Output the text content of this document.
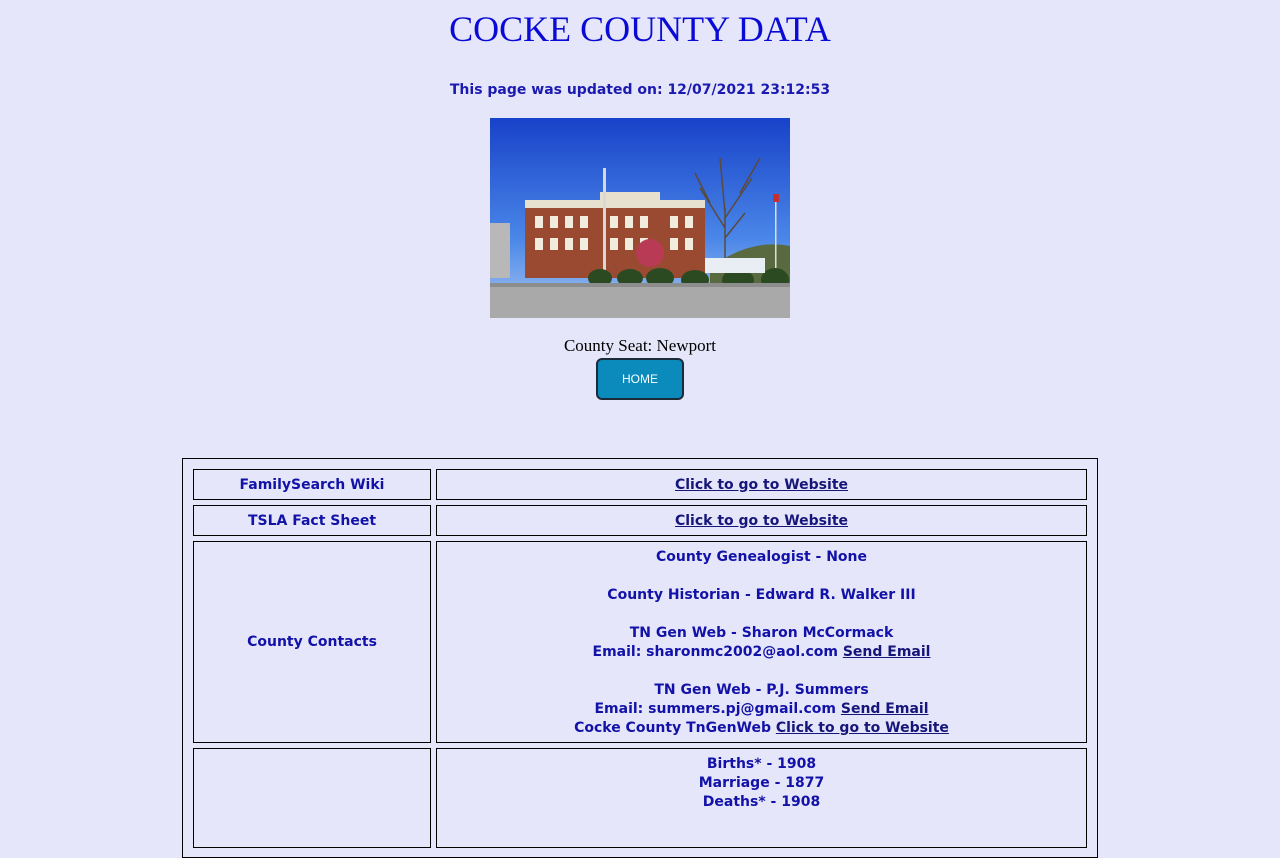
COCKE COUNTY DATA
This page was updated on: 12/07/2021 23:12:53
County Seat: Newport
HOME
FamilySearch Wiki	Click to go to Website
TSLA Fact Sheet	Click to go to Website
County Contacts
County Genealogist - None
County Historian - Edward R. Walker III
TN Gen Web - Sharon McCormack
Email: sharonmc2002@aol.com Send Email
TN Gen Web - P.J. Summers
Email: summers.pj@gmail.com Send Email
Cocke County TnGenWeb Click to go to Website
Births* - 1908
Marriage - 1877
Deaths* - 1908
